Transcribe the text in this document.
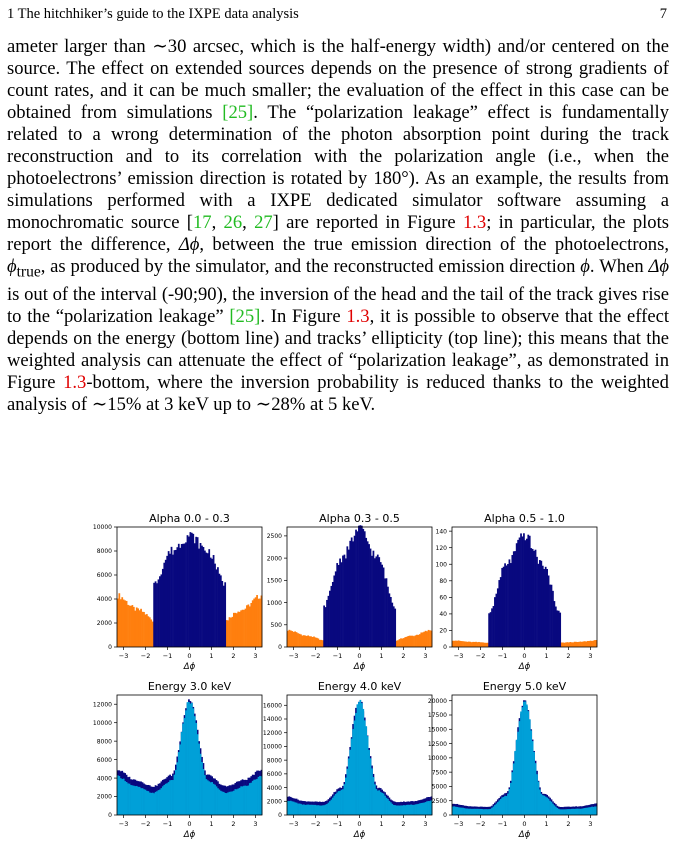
1 The hitchhiker’s guide to the IXPE data analysis	7

ameter larger than ∼30 arcsec, which is the half-energy width) and/or centered on the source. The effect on extended sources depends on the presence of strong gradients of count rates, and it can be much smaller; the evaluation of the effect in this case can be obtained from simulations [25]. The “polarization leakage” effect is fundamentally related to a wrong determination of the photon absorption point during the track reconstruction and to its correlation with the polarization angle (i.e., when the photoelectrons’ emission direction is rotated by 180°). As an example, the results from simulations performed with a IXPE dedicated simulator software assuming a monochromatic source [17, 26, 27] are reported in Figure 1.3; in particular, the plots report the difference, Δϕ, between the true emission direction of the photoelectrons, $\phi_{true}$, as produced by the simulator, and the reconstructed emission direction ϕ. When Δϕ is out of the interval (-90;90), the inversion of the head and the tail of the track gives rise to the “polarization leakage” [25]. In Figure 1.3, it is possible to observe that the effect depends on the energy (bottom line) and tracks’ ellipticity (top line); this means that the weighted analysis can attenuate the effect of “polarization leakage”, as demonstrated in Figure 1.3-bottom, where the inversion probability is reduced thanks to the weighted analysis of ∼15% at 3 keV up to ∼28% at 5 keV.

Alpha 0.0 - 0.3
−3 −2 −1 0	1	2	3
Δϕ
0
2000
4000
6000
8000
10000
Alpha 0.3 - 0.5
−3 −2 −1 0	1	2	3
Δϕ
0
500
1000
1500
2000
2500
Alpha 0.5 - 1.0
−3 −2 −1 0	1	2	3
Δϕ
0
20
40
60
80
100
120
140
Energy 3.0 keV
−3 −2 −1 0	1	2	3
Δϕ
0
2000
4000
6000
8000
10000
12000
Energy 4.0 keV
−3 −2 −1 0	1	2	3
Δϕ
0
2000
4000
6000
8000
10000
12000
14000
16000
Energy 5.0 keV
−3 −2 −1 0	1	2	3
Δϕ
0
2500
5000
7500
10000
12500
15000
17500
20000
